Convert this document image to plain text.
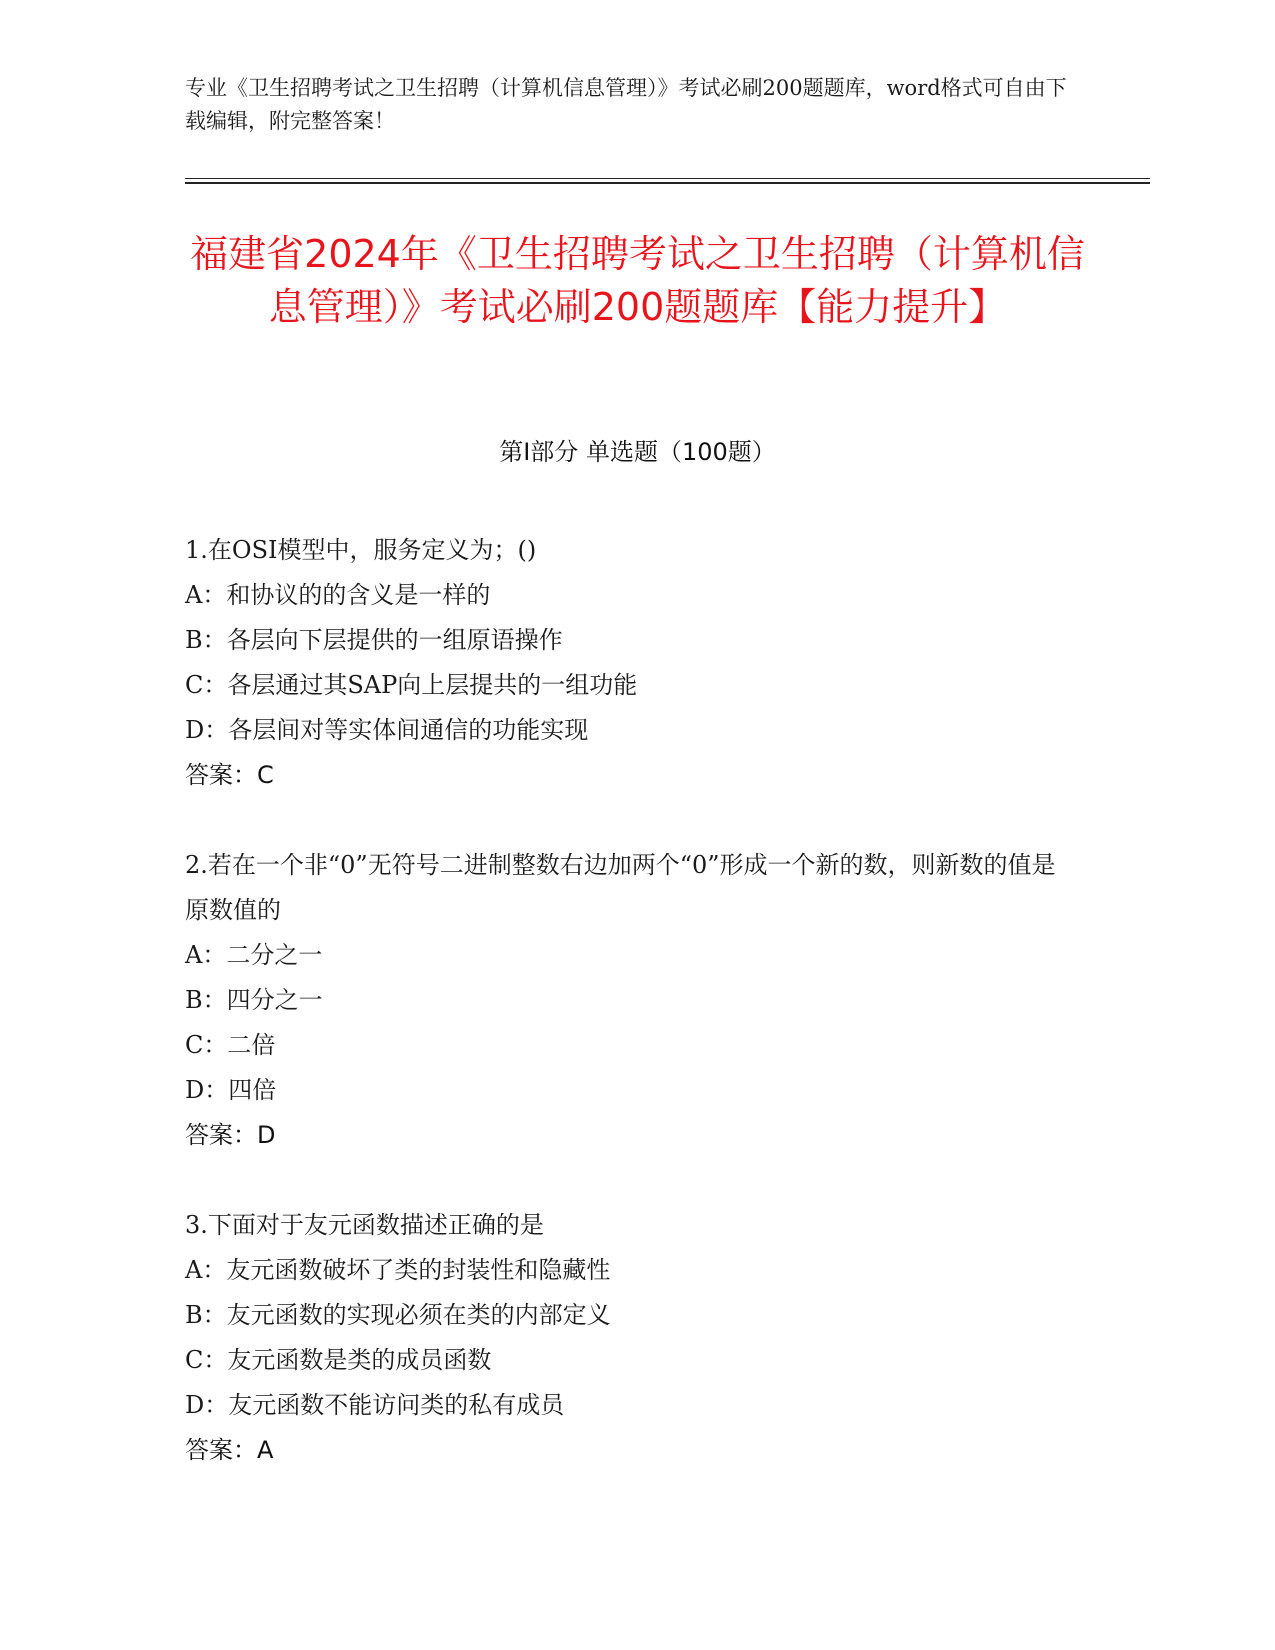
专业《卫生招聘考试之卫生招聘（计算机信息管理）》考试必刷200题题库，word格式可自由下载编辑，附完整答案！
福建省2024年《卫生招聘考试之卫生招聘（计算机信息管理）》考试必刷200题题库【能力提升】
第I部分 单选题（100题）

1.在OSI模型中，服务定义为；()

A：和协议的的含义是一样的

B：各层向下层提供的一组原语操作

C：各层通过其SAP向上层提共的一组功能

D：各层间对等实体间通信的功能实现

答案：C

2.若在一个非“0”无符号二进制整数右边加两个“0”形成一个新的数，则新数的值是原数值的

A：二分之一

B：四分之一

C：二倍

D：四倍

答案：D

3.下面对于友元函数描述正确的是

A：友元函数破坏了类的封装性和隐藏性

B：友元函数的实现必须在类的内部定义

C：友元函数是类的成员函数

D：友元函数不能访问类的私有成员

答案：A
